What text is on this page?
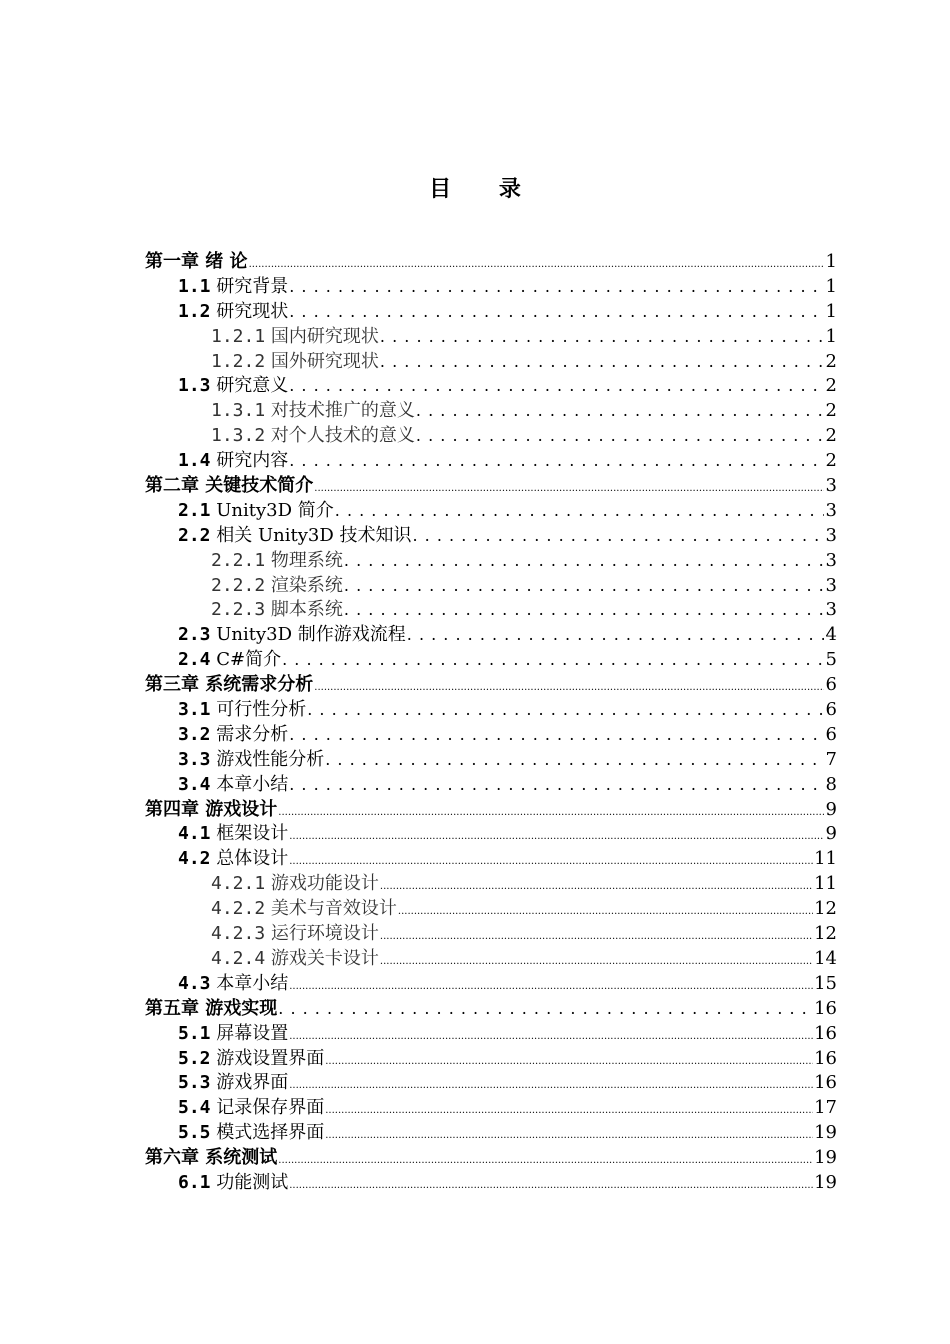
目 录
第一章 绪 论 .....	1
1.1 研究背景 . . .	1
1.2 研究现状 . . .	1
1.2.1 国内研究现状 . . .	1
1.2.2 国外研究现状 . . .	2
1.3 研究意义 . . .	2
1.3.1 对技术推广的意义 . . .	2
1.3.2 对个人技术的意义 . . .	2
1.4 研究内容 . . .	2
第二章 关键技术简介 .....	3
2.1 Unity3D 简介 . . .	3
2.2 相关 Unity3D 技术知识 . . .	3
2.2.1 物理系统 . . .	3
2.2.2 渲染系统 . . .	3
2.2.3 脚本系统 . . .	3
2.3 Unity3D 制作游戏流程 . . .	4
2.4 C#简介 . . .	5
第三章 系统需求分析 .....	6
3.1 可行性分析 . . .	6
3.2 需求分析 . . .	6
3.3 游戏性能分析 . . .	7
3.4 本章小结 . . .	8
第四章 游戏设计 .....	9
4.1 框架设计 .....	9
4.2 总体设计 .....	11
4.2.1 游戏功能设计 .....	11
4.2.2 美术与音效设计 .....	12
4.2.3 运行环境设计 .....	12
4.2.4 游戏关卡设计 .....	14
4.3 本章小结 .....	15
第五章 游戏实现 . . .	16
5.1 屏幕设置 .....	16
5.2 游戏设置界面 .....	16
5.3 游戏界面 .....	16
5.4 记录保存界面 .....	17
5.5 模式选择界面 .....	19
第六章 系统测试 .....	19
6.1 功能测试 .....	19
